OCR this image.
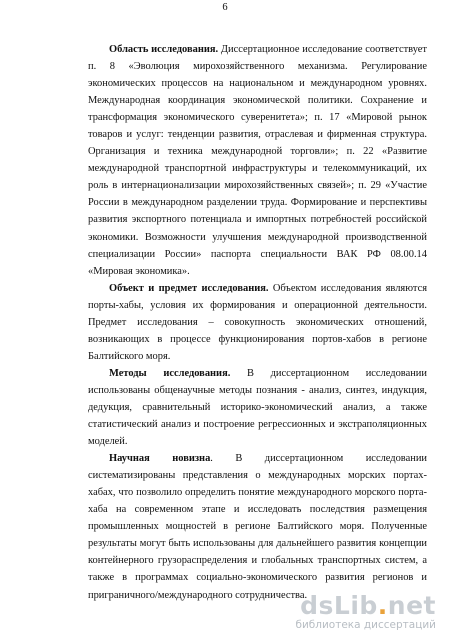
6

Область исследования. Диссертационное исследование соответствует п. 8 «Эволюция мирохозяйственного механизма. Регулирование экономических процессов на национальном и международном уровнях. Международная координация экономической политики. Сохранение и трансформация экономического суверенитета»; п. 17 «Мировой рынок товаров и услуг: тенденции развития, отраслевая и фирменная структура. Организация и техника международной торговли»; п. 22 «Развитие международной транспортной инфраструктуры и телекоммуникаций, их роль в интернационализации мирохозяйственных связей»; п. 29 «Участие России в международном разделении труда. Формирование и перспективы развития экспортного потенциала и импортных потребностей российской экономики. Возможности улучшения международной производственной специализации России» паспорта специальности ВАК РФ 08.00.14 «Мировая экономика».

Объект и предмет исследования. Объектом исследования являются порты-хабы, условия их формирования и операционной деятельности. Предмет исследования – совокупность экономических отношений, возникающих в процессе функционирования портов-хабов в регионе Балтийского моря.

Методы исследования. В диссертационном исследовании использованы общенаучные методы познания - анализ, синтез, индукция, дедукция, сравнительный историко-экономический анализ, а также статистический анализ и построение регрессионных и экстраполяционных моделей.

Научная новизна. В диссертационном исследовании систематизированы представления о международных морских портах-хабах, что позволило определить понятие международного морского порта-хаба на современном этапе и исследовать последствия размещения промышленных мощностей в регионе Балтийского моря. Полученные результаты могут быть использованы для дальнейшего развития концепции контейнерного грузораспределения и глобальных транспортных систем, а также в программах социально-экономического развития регионов и приграничного/международного сотрудничества.

dsLib.net
библиотека диссертаций
